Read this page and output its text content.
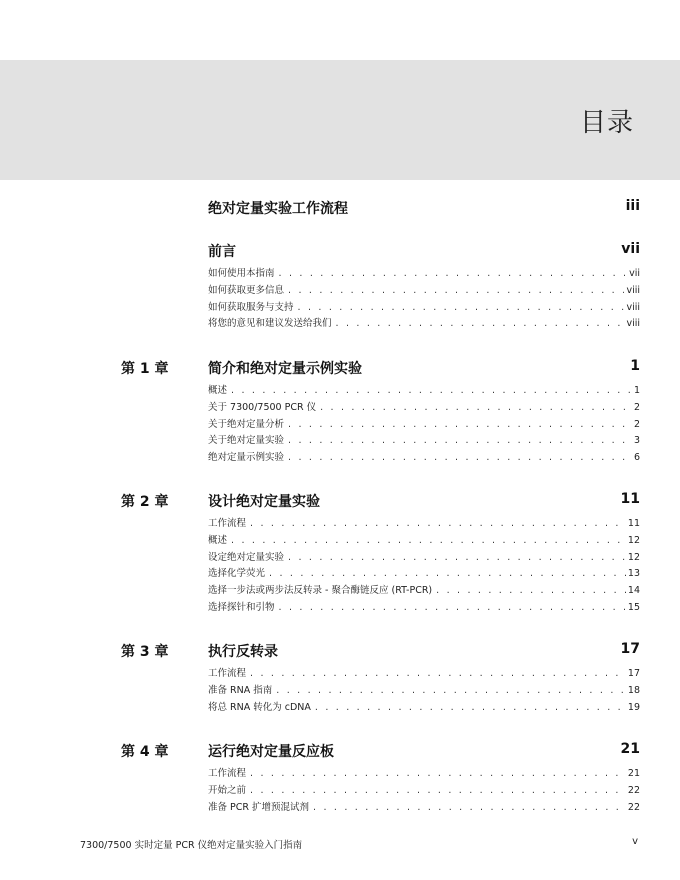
目录
绝对定量实验工作流程	iii
前言	vii
如何使用本指南 . . .	vii
如何获取更多信息 . . .	viii
如何获取服务与支持 . . .	viii
将您的意见和建议发送给我们 . . .	viii
第 1 章	简介和绝对定量示例实验	1
概述 . . .	1
关于 7300/7500 PCR 仪 . . .	2
关于绝对定量分析 . . .	2
关于绝对定量实验 . . .	3
绝对定量示例实验 . . .	6
第 2 章	设计绝对定量实验	11
工作流程 . . .	11
概述 . . .	12
设定绝对定量实验 . . .	12
选择化学荧光 . . .	13
选择一步法或两步法反转录 - 聚合酶链反应 (RT-PCR) . . .	14
选择探针和引物 . . .	15
第 3 章	执行反转录	17
工作流程 . . .	17
准备 RNA 指南 . . .	18
将总 RNA 转化为 cDNA . . .	19
第 4 章	运行绝对定量反应板	21
工作流程 . . .	21
开始之前 . . .	22
准备 PCR 扩增预混试剂 . . .	22
7300/7500 实时定量 PCR 仪绝对定量实验入门指南	v
